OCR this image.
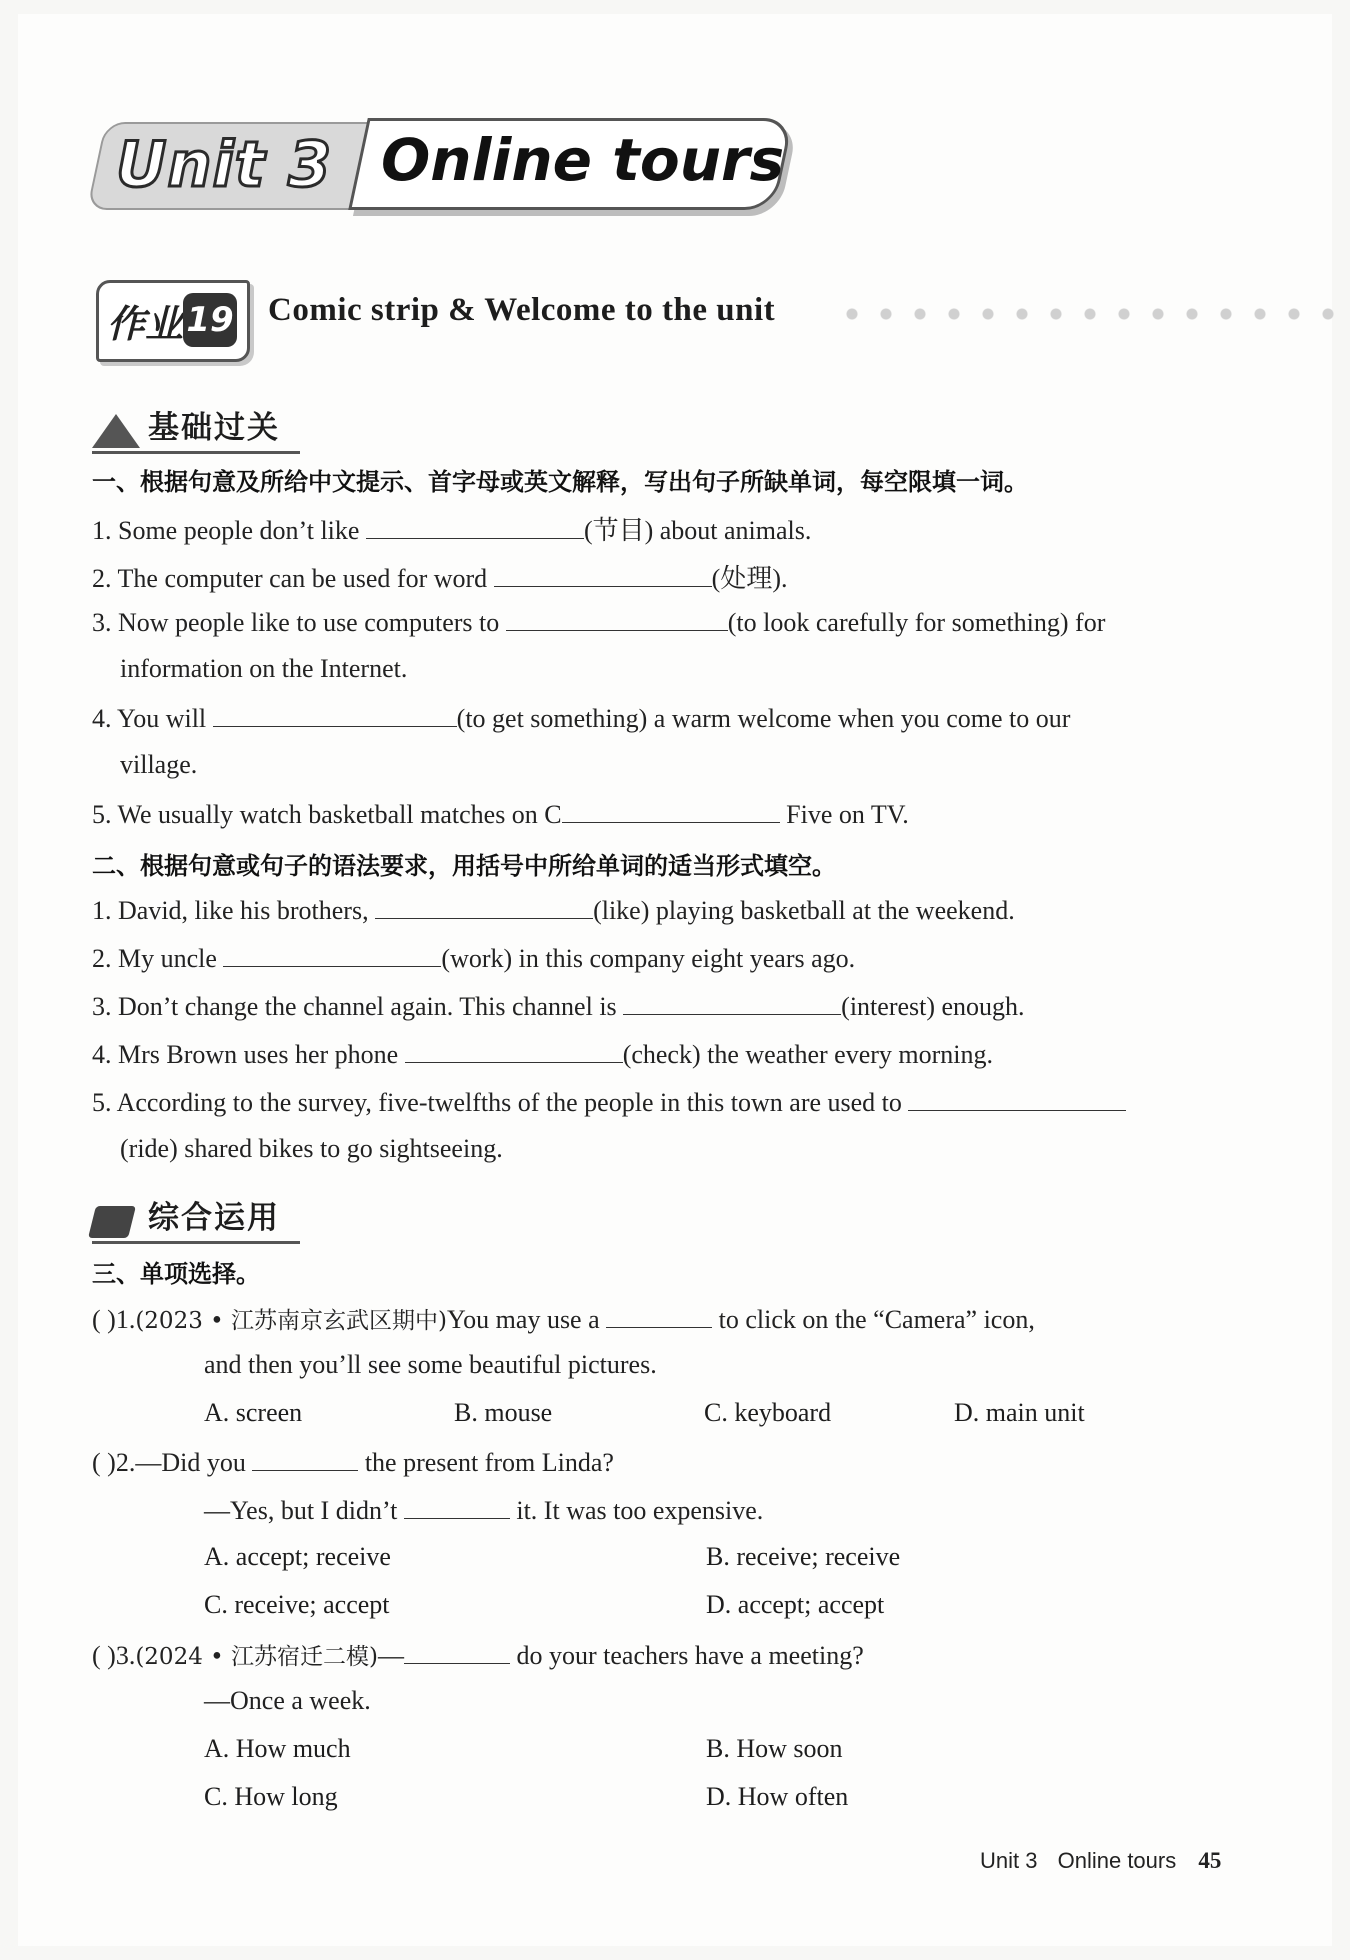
Unit 3 Online tours
作业 19 Comic strip & Welcome to the unit
基础过关
一、根据句意及所给中文提示、首字母或英文解释，写出句子所缺单词，每空限填一词。
1. Some people don’t like	(节目) about animals.
2. The computer can be used for word	(处理).
3. Now people like to use computers to	(to look carefully for something) for
information on the Internet.
4. You will	(to get something) a warm welcome when you come to our
village.
5. We usually watch basketball matches on C	Five on TV.
二、根据句意或句子的语法要求，用括号中所给单词的适当形式填空。
1. David, like his brothers,	(like) playing basketball at the weekend.
2. My uncle	(work) in this company eight years ago.
3. Don’t change the channel again. This channel is	(interest) enough.
4. Mrs Brown uses her phone	(check) the weather every morning.
5. According to the survey, five-twelfths of the people in this town are used to
(ride) shared bikes to go sightseeing.
综合运用
三、单项选择。
( )1.(2023 • 江苏南京玄武区期中)You may use a	to click on the “Camera” icon,
and then you’ll see some beautiful pictures.
A. screen	B. mouse	C. keyboard	D. main unit
( )2.—Did you	the present from Linda?
—Yes, but I didn’t	it. It was too expensive.
A. accept; receive	B. receive; receive
C. receive; accept	D. accept; accept
( )3.(2024 • 江苏宿迁二模)—	do your teachers have a meeting?
—Once a week.
A. How much	B. How soon
C. How long	D. How often
Unit 3 Online tours 45
